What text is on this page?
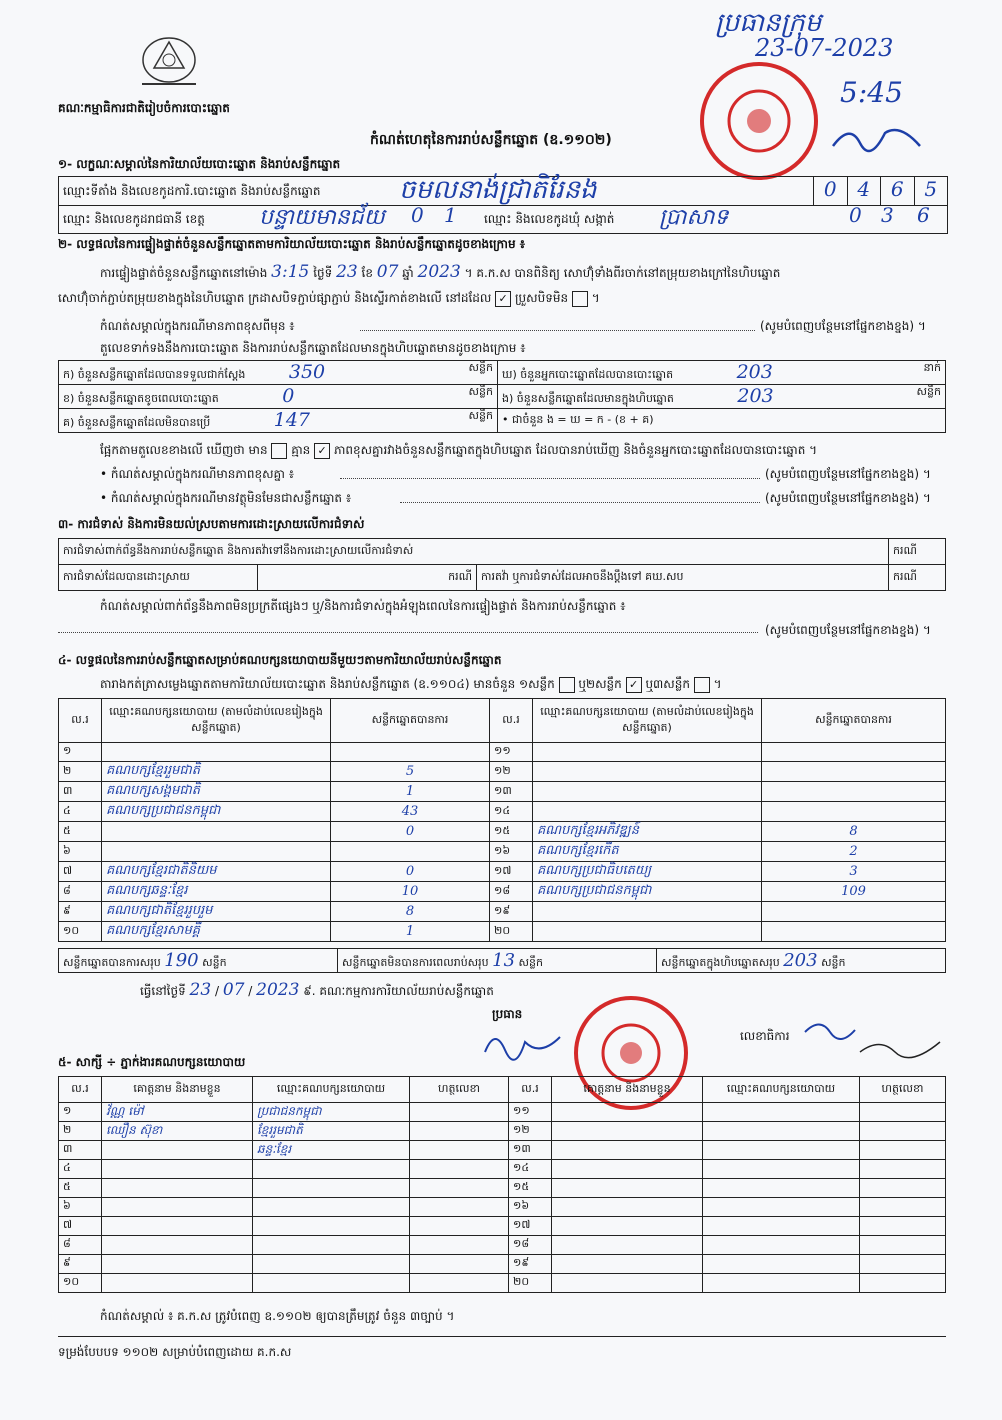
គណៈកម្មាធិការជាតិរៀបចំការបោះឆ្នោត
ប្រធានក្រុម
23-07-2023
5:45
កំណត់ហេតុនៃការរាប់សន្លឹកឆ្នោត (ឧ.១១០២)
១- លក្ខណៈសម្គាល់នៃការិយាល័យបោះឆ្នោត និងរាប់សន្លឹកឆ្នោត
ឈ្មោះទីតាំង និងលេខកូដការិ.បោះឆ្នោត និងរាប់សន្លឹកឆ្នោត	ចមលនាង់ជ្រាតិរែនង	0	4	6	5
ឈ្មោះ និងលេខកូដរាជធានី ខេត្ត បន្ទាយមានជ័យ 0 1 ឈ្មោះ និងលេខកូដឃុំ សង្កាត់ ប្រាសាទ	0 3 6
២- លទ្ធផលនៃការផ្ទៀងផ្ទាត់ចំនួនសន្លឹកឆ្នោតតាមការិយាល័យបោះឆ្នោត និងរាប់សន្លឹកឆ្នោតដូចខាងក្រោម ៖
ការផ្ទៀងផ្ទាត់ចំនួនសន្លឹកឆ្នោតនៅម៉ោង 3:15 ថ្ងៃទី 23 ខែ 07 ឆ្នាំ 2023 ។ គ.ក.ស បានពិនិត្យ សោហ៊ុំទាំងពីរចាក់នៅតម្រុយខាងក្រៅនៃហិបឆ្នោត
សោហ៊ុំចាក់ភ្ជាប់តម្រុយខាងក្នុងនៃហិបឆ្នោត ក្រដាសបិទភ្ជាប់ផ្សាភ្ជាប់ និងស្ទើរកាត់ខាងលើ នៅដដែល ✓ ប្រួសបិទមិន ។
កំណត់សម្គាល់ក្នុងករណីមានភាពខុសពីមុន ៖	(សូមបំពេញបន្ថែមនៅផ្នែកខាងខ្នង) ។
តួលេខទាក់ទងនឹងការបោះឆ្នោត និងការរាប់សន្លឹកឆ្នោតដែលមានក្នុងហិបឆ្នោតមានដូចខាងក្រោម ៖
ក) ចំនួនសន្លឹកឆ្នោតដែលបានទទួលជាក់ស្តែង 350 សន្លឹក	ឃ) ចំនួនអ្នកបោះឆ្នោតដែលបានបោះឆ្នោត 203 នាក់

ខ) ចំនួនសន្លឹកឆ្នោតខូចពេលបោះឆ្នោត 0 សន្លឹក	ង) ចំនួនសន្លឹកឆ្នោតដែលមានក្នុងហិបឆ្នោត 203 សន្លឹក

គ) ចំនួនសន្លឹកឆ្នោតដែលមិនបានប្រើ 147 សន្លឹក	• ជាចំនួន ង = ឃ = ក - (ខ + គ)
ផ្អែកតាមតួលេខខាងលើ ឃើញថា មាន គ្មាន ✓ ភាពខុសគ្នារវាងចំនួនសន្លឹកឆ្នោតក្នុងហិបឆ្នោត ដែលបានរាប់ឃើញ និងចំនួនអ្នកបោះឆ្នោតដែលបានបោះឆ្នោត ។
• កំណត់សម្គាល់ក្នុងករណីមានភាពខុសគ្នា ៖	(សូមបំពេញបន្ថែមនៅផ្នែកខាងខ្នង) ។
• កំណត់សម្គាល់ក្នុងករណីមានវត្ថុមិនមែនជាសន្លឹកឆ្នោត ៖	(សូមបំពេញបន្ថែមនៅផ្នែកខាងខ្នង) ។
៣- ការជំទាស់ និងការមិនយល់ស្របតាមការដោះស្រាយលើការជំទាស់
ការជំទាស់ពាក់ព័ន្ធនឹងការរាប់សន្លឹកឆ្នោត និងការតវ៉ាទៅនឹងការដោះស្រាយលើការជំទាស់			ករណី
ការជំទាស់ដែលបានដោះស្រាយ	ករណី	ការតវ៉ា ឬការជំទាស់ដែលអាចនឹងប្ដឹងទៅ គឃ.សប	ករណី
កំណត់សម្គាល់ពាក់ព័ន្ធនឹងភាពមិនប្រក្រតីផ្សេងៗ ឬ/និងការជំទាស់ក្នុងអំឡុងពេលនៃការផ្ទៀងផ្ទាត់ និងការរាប់សន្លឹកឆ្នោត ៖
(សូមបំពេញបន្ថែមនៅផ្នែកខាងខ្នង) ។
៤- លទ្ធផលនៃការរាប់សន្លឹកឆ្នោតសម្រាប់គណបក្សនយោបាយនីមួយៗតាមការិយាល័យរាប់សន្លឹកឆ្នោត
តារាងកត់ត្រាសម្លេងឆ្នោតតាមការិយាល័យបោះឆ្នោត និងរាប់សន្លឹកឆ្នោត (ឧ.១១០៤) មានចំនួន ១សន្លឹក ឬ២សន្លឹក ✓ ឬ៣សន្លឹក  ។
ល.រ	ឈ្មោះគណបក្សនយោបាយ (តាមលំដាប់លេខរៀងក្នុងសន្លឹកឆ្នោត)	សន្លឹកឆ្នោតបានការ	ល.រ	ឈ្មោះគណបក្សនយោបាយ (តាមលំដាប់លេខរៀងក្នុងសន្លឹកឆ្នោត)	សន្លឹកឆ្នោតបានការ
១			១១		
២	គណបក្សខ្មែររួមជាតិ	5	១២		
៣	គណបក្សសង្គមជាតិ	1	១៣		
៤	គណបក្សប្រជាជនកម្ពុជា	43	១៤		
៥		0	១៥	គណបក្សខ្មែរអភិវឌ្ឍន៍	8
៦			១៦	គណបក្សខ្មែរកើត	2
៧	គណបក្សខ្មែរជាតិនិយម	0	១៧	គណបក្សប្រជាធិបតេយ្យ	3
៨	គណបក្សឆន្ទៈខ្មែរ	10	១៨	គណបក្សប្រជាជនកម្ពុជា	109
៩	គណបក្សជាតិខ្មែររួបរួម	8	១៩		
១០	គណបក្សខ្មែរសាមគ្គី	1	២០		
សន្លឹកឆ្នោតបានការសរុប 190 សន្លឹក	សន្លឹកឆ្នោតមិនបានការពេលរាប់សរុប 13 សន្លឹក	សន្លឹកឆ្នោតក្នុងហិបឆ្នោតសរុប 203 សន្លឹក
ធ្វើនៅថ្ងៃទី 23 / 07 / 2023 ៩. គណៈកម្មការការិយាល័យរាប់សន្លឹកឆ្នោត
ប្រធាន
លេខាធិការ
៥- សាក្សី ÷ ភ្នាក់ងារគណបក្សនយោបាយ
ល.រ	គោត្តនាម និងនាមខ្លួន	ឈ្មោះគណបក្សនយោបាយ	ហត្ថលេខា	ល.រ	គោត្តនាម និងនាមខ្លួន	ឈ្មោះគណបក្សនយោបាយ	ហត្ថលេខា
១	វ័ណ្ណ ម៉ៅ	ប្រជាជនកម្ពុជា		១១			
២	ឈឿន ស៊ុខា	ខ្មែររួមជាតិ		១២			
៣		ឆន្ទៈខ្មែរ		១៣			
៤				១៤			
៥				១៥			
៦				១៦			
៧				១៧			
៨				១៨			
៩				១៩			
១០				២០			
កំណត់សម្គាល់ ៖ គ.ក.ស ត្រូវបំពេញ ឧ.១១០២ ឲ្យបានត្រឹមត្រូវ ចំនួន ៣ច្បាប់ ។
ទម្រង់បែបបទ ១១០២ សម្រាប់បំពេញដោយ គ.ក.ស
